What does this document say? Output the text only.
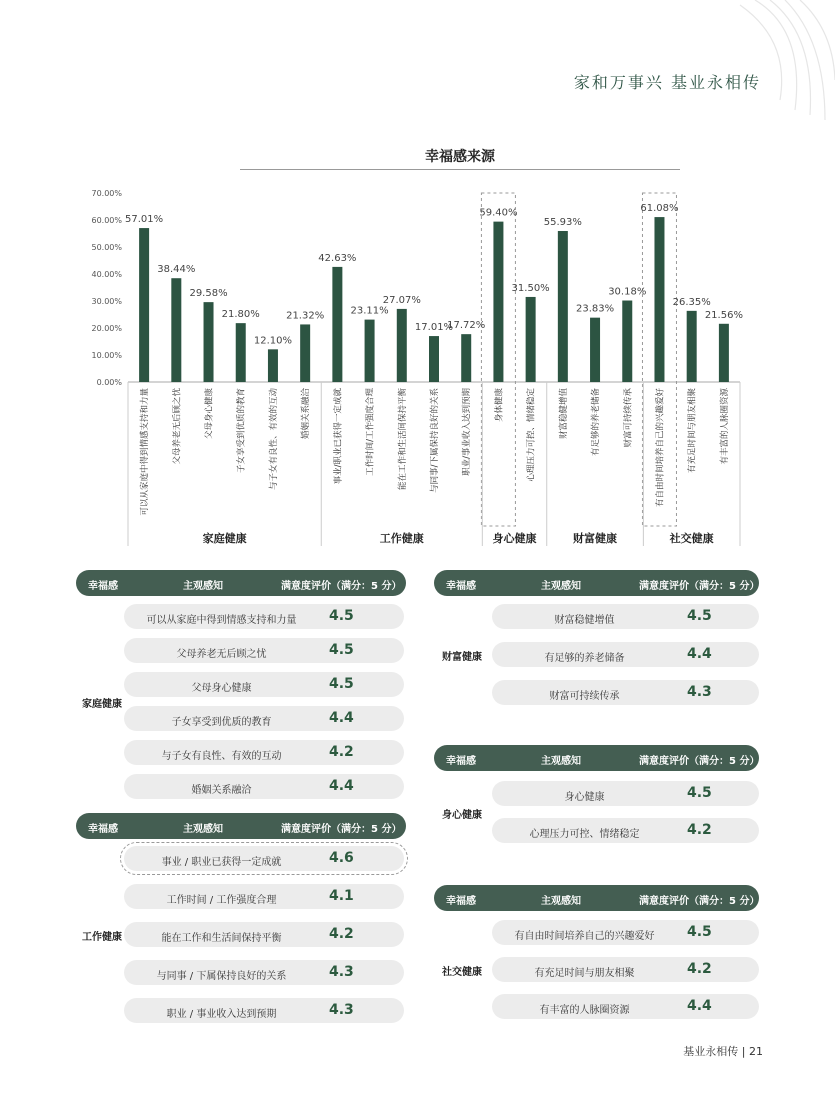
家和万事兴 基业永相传
幸福感来源
0.00%
10.00%
20.00%
30.00%
40.00%
50.00%
60.00%
70.00%
57.01%
可以从家庭中得到情感支持和力量
38.44%
父母养老无后顾之忧
29.58%
父母身心健康
21.80%
子女享受到优质的教育
12.10%
与子女有良性、有效的互动
21.32%
婚姻关系融洽
42.63%
事业/职业已获得一定成就
23.11%
工作时间/工作强度合理
27.07%
能在工作和生活间保持平衡
17.01%
与同事/下属保持良好的关系
17.72%
职业/事业收入达到预期
59.40%
身体健康
31.50%
心理压力可控、情绪稳定
55.93%
财富稳健增值
23.83%
有足够的养老储备
30.18%
财富可持续传承
61.08%
有自由时间培养自己的兴趣爱好
26.35%
有充足时间与朋友相聚
21.56%
有丰富的人脉圈资源
家庭健康	工作健康	身心健康	财富健康	社交健康
幸福感	主观感知	满意度评价（满分：5 分）
可以从家庭中得到情感支持和力量	4.5
父母养老无后顾之忧	4.5
父母身心健康	4.5
子女享受到优质的教育	4.4
与子女有良性、有效的互动	4.2
婚姻关系融洽	4.4
家庭健康
幸福感	主观感知	满意度评价（满分：5 分）
事业 / 职业已获得一定成就	4.6
工作时间 / 工作强度合理	4.1
能在工作和生活间保持平衡	4.2
与同事 / 下属保持良好的关系	4.3
职业 / 事业收入达到预期	4.3
工作健康
幸福感	主观感知	满意度评价（满分：5 分）
财富稳健增值	4.5
有足够的养老储备	4.4
财富可持续传承	4.3
财富健康
幸福感	主观感知	满意度评价（满分：5 分）
身心健康	4.5
心理压力可控、情绪稳定	4.2
身心健康
幸福感	主观感知	满意度评价（满分：5 分）
有自由时间培养自己的兴趣爱好	4.5
有充足时间与朋友相聚	4.2
有丰富的人脉圈资源	4.4
社交健康
基业永相传 | 21
